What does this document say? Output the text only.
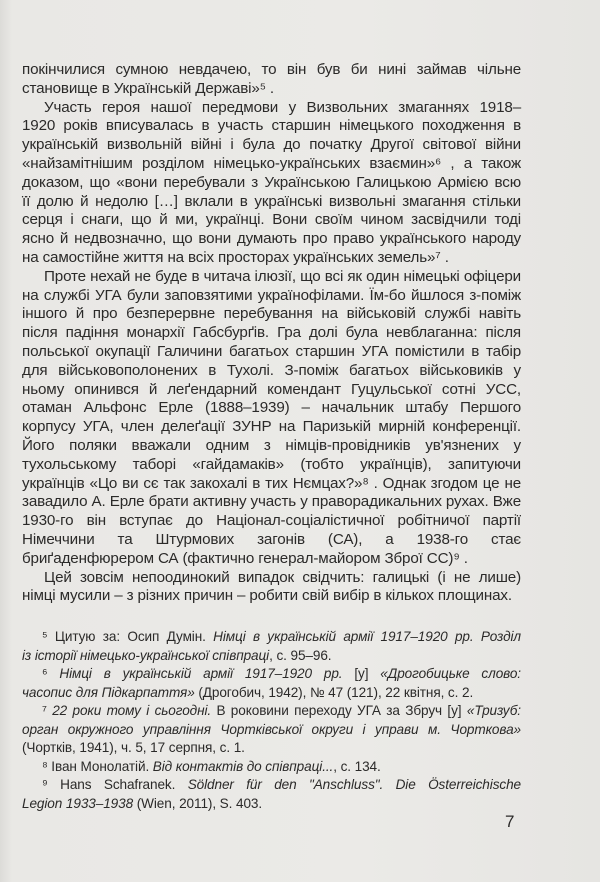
покінчилися сумною невдачею, то він був би нині займав чільне
становище в Українській Державі»⁵ .
Участь героя нашої передмови у Визвольних змаганнях 1918–
1920 років вписувалась в участь старшин німецького походження в
українській визвольній війні і була до початку Другої світової війни
«найзамітнішим розділом німецько-українських взаємин»⁶ , а також
доказом, що «вони перебували з Українською Галицькою Армією всю
її долю й недолю […] вклали в українські визвольні змагання стільки
серця і снаги, що й ми, українці. Вони своїм чином засвідчили тоді
ясно й недвозначно, що вони думають про право українського народу
на самостійне життя на всіх просторах українських земель»⁷ .
Проте нехай не буде в читача ілюзії, що всі як один німецькі офіцери
на службі УГА були заповзятими українофілами. Їм-бо йшлося з-поміж
іншого й про безперервне перебування на військовій службі навіть
після падіння монархії Габсбурґів. Гра долі була невблаганна: після
польської окупації Галичини багатьох старшин УГА помістили в табір
для військовополонених в Тухолі. З-поміж багатьох військовиків у
ньому опинився й леґендарний комендант Гуцульської сотні УСС,
отаман Альфонс Ерле (1888–1939) – начальник штабу Першого
корпусу УГА, член делеґації ЗУНР на Паризькій мирній конференції.
Його поляки вважали одним з німців-провідників ув'язнених у
тухольському таборі «гайдамаків» (тобто українців), запитуючи
українців «Цо ви сє так закохалі в тих Нємцах?»⁸ . Однак згодом це не
завадило А. Ерле брати активну участь у праворадикальних рухах. Вже
1930-го він вступає до Націонал-соціалістичної робітничої партії
Німеччини та Штурмових загонів (СА), а 1938-го стає
бриґаденфюрером СА (фактично генерал-майором Зброї СС)⁹ .
Цей зовсім непоодинокий випадок свідчить: галицькі (і не лише)
німці мусили – з різних причин – робити свій вибір в кількох площинах.
⁵ Цитую за: Осип Думін. Німці в українській армії 1917–1920 рр. Розділ
із історії німецько-української співпраці, с. 95–96.
⁶ Німці в українській армії 1917–1920 рр. [у] «Дрогобицьке слово:
часопис для Підкарпаття» (Дрогобич, 1942), № 47 (121), 22 квітня, с. 2.
⁷ 22 роки тому і сьогодні. В роковини переходу УГА за Збруч [у] «Тризуб:
орган окружного управління Чортківської округи і управи м. Чорткова»
(Чортків, 1941), ч. 5, 17 серпня, с. 1.
⁸ Іван Монолатій. Від контактів до співпраці..., с. 134.
⁹ Hans Schafranek. Söldner für den "Anschluss". Die Österreichische
Legion 1933–1938 (Wien, 2011), S. 403.
7
